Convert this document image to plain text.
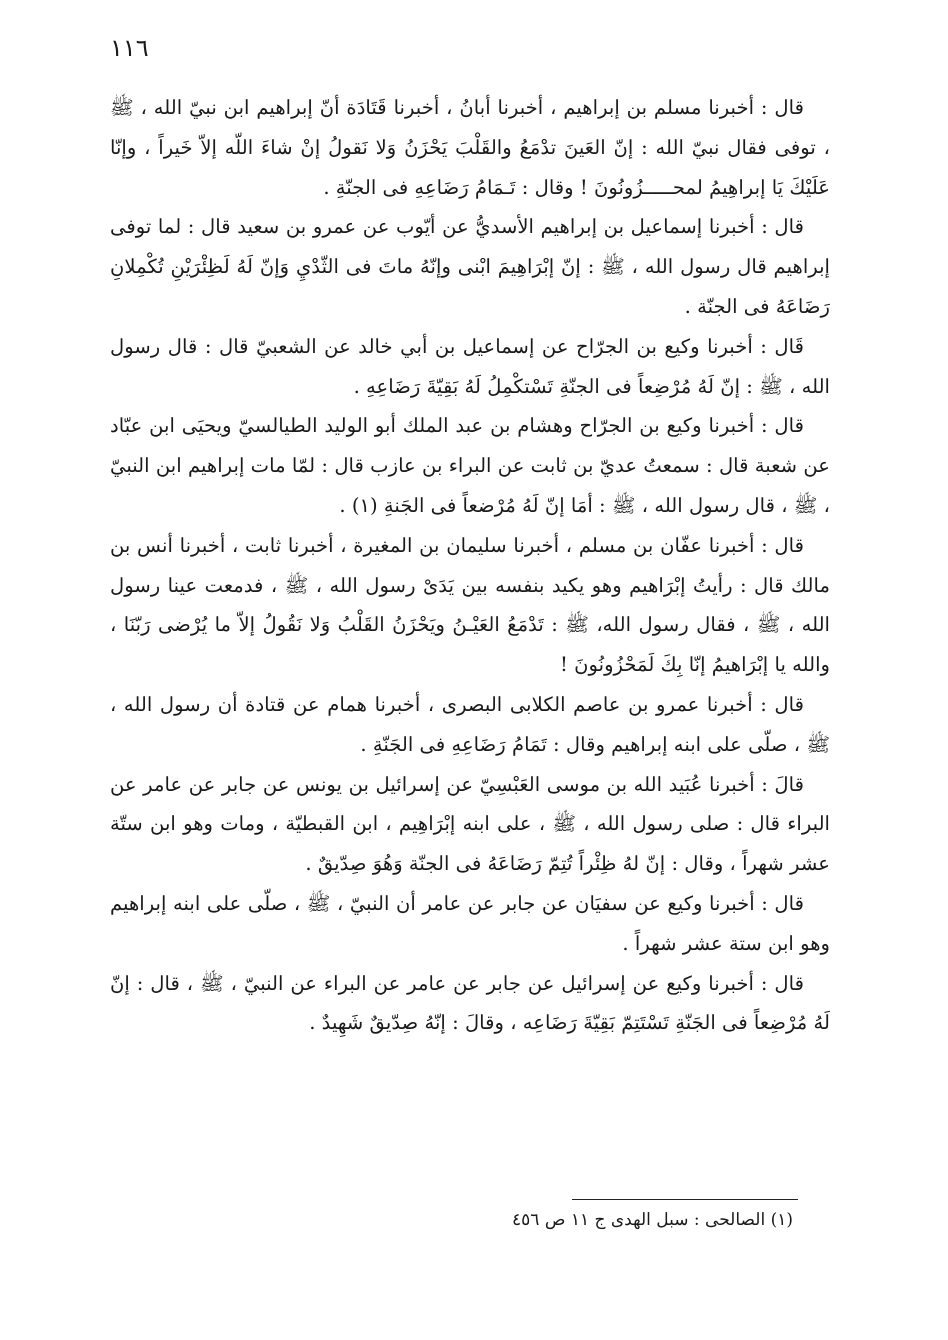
١١٦

قال : أخبرنا مسلم بن إبراهيم ، أخبرنا أبانُ ، أخبرنا قَتَادَة أنّ إبراهيم ابن نبيّ الله ، ﷺ ، توفى فقال نبيّ الله : إنّ العَينَ تدْمَعُ والقَلْبَ يَحْزَنُ وَلا نَقولُ إنْ شاءَ اللّه إلاّ خَيراً ، وإنّا عَلَيْكَ يَا إبراهِيمُ لمحـــــزُونُونَ ! وقال : تَـمَامُ رَضَاعِهِ فى الجنّةِ .

قال : أخبرنا إسماعيل بن إبراهيم الأسديُّ عن أيّوب عن عمرو بن سعيد قال : لما توفى إبراهيم قال رسول الله ، ﷺ : إنّ إبْرَاهِيمَ ابْنى وإنّهُ ماتَ فى الثّدْيِ وَإنّ لَهُ لَظِئْرَيْنِ تُكْمِلانِ رَضَاعَهُ فى الجنّة .

قَال : أخبرنا وكيع بن الجرّاح عن إسماعيل بن أبي خالد عن الشعبيّ قال : قال رسول الله ، ﷺ : إنّ لَهُ مُرْضِعاً فى الجنّةِ تَسْتكْمِلُ لَهُ بَقِيّةَ رَضَاعِهِ .

قال : أخبرنا وكيع بن الجرّاح وهشام بن عبد الملك أبو الوليد الطيالسيّ ويحيَى ابن عبّاد عن شعبة قال : سمعتُ عديّ بن ثابت عن البراء بن عازب قال : لمّا مات إبراهيم ابن النبيّ ، ﷺ ، قال رسول الله ، ﷺ : أمَا إنّ لَهُ مُرْضعاً فى الجَنةِ (١) .

قال : أخبرنا عفّان بن مسلم ، أخبرنا سليمان بن المغيرة ، أخبرنا ثابت ، أخبرنا أنس بن مالك قال : رأيتُ إبْرَاهيم وهو يكيد بنفسه بين يَدَىْ رسول الله ، ﷺ ، فدمعت عينا رسول الله ، ﷺ ، فقال رسول الله، ﷺ : تَدْمَعُ العَيْـنُ ويَحْزَنُ القَلْبُ وَلا نَقُولُ إلاّ ما يُرْضى رَبّنَا ، والله يا إبْرَاهيمُ إنّا بِكَ لَمَحْزُونُونَ !

قال : أخبرنا عمرو بن عاصم الكلابى البصرى ، أخبرنا همام عن قتادة أن رسول الله ، ﷺ ، صلّى على ابنه إبراهيم وقال : تَمَامُ رَضَاعِهِ فى الجَنّةِ .

قالَ : أخبرنا عُبَيد الله بن موسى العَبْسِيّ عن إسرائيل بن يونس عن جابر عن عامر عن البراء قال : صلى رسول الله ، ﷺ ، على ابنه إبْرَاهِيم ، ابن القبطيّة ، ومات وهو ابن ستّة عشر شهراً ، وقال : إنّ لهُ ظِئْراً تُتِمّ رَضَاعَهُ فى الجنّة وَهُوَ صِدّيقٌ .

قال : أخبرنا وكيع عن سفيَان عن جابر عن عامر أن النبيّ ، ﷺ ، صلّى على ابنه إبراهيم وهو ابن ستة عشر شهراً .

قال : أخبرنا وكيع عن إسرائيل عن جابر عن عامر عن البراء عن النبيّ ، ﷺ ، قال : إنّ لَهُ مُرْضِعاً فى الجَنّةِ تَسْتَتِمّ بَقِيّةَ رَضَاعِه ، وقالَ : إنّهُ صِدّيقٌ شَهِيدٌ .

(١) الصالحى : سبل الهدى ج ١١ ص ٤٥٦
